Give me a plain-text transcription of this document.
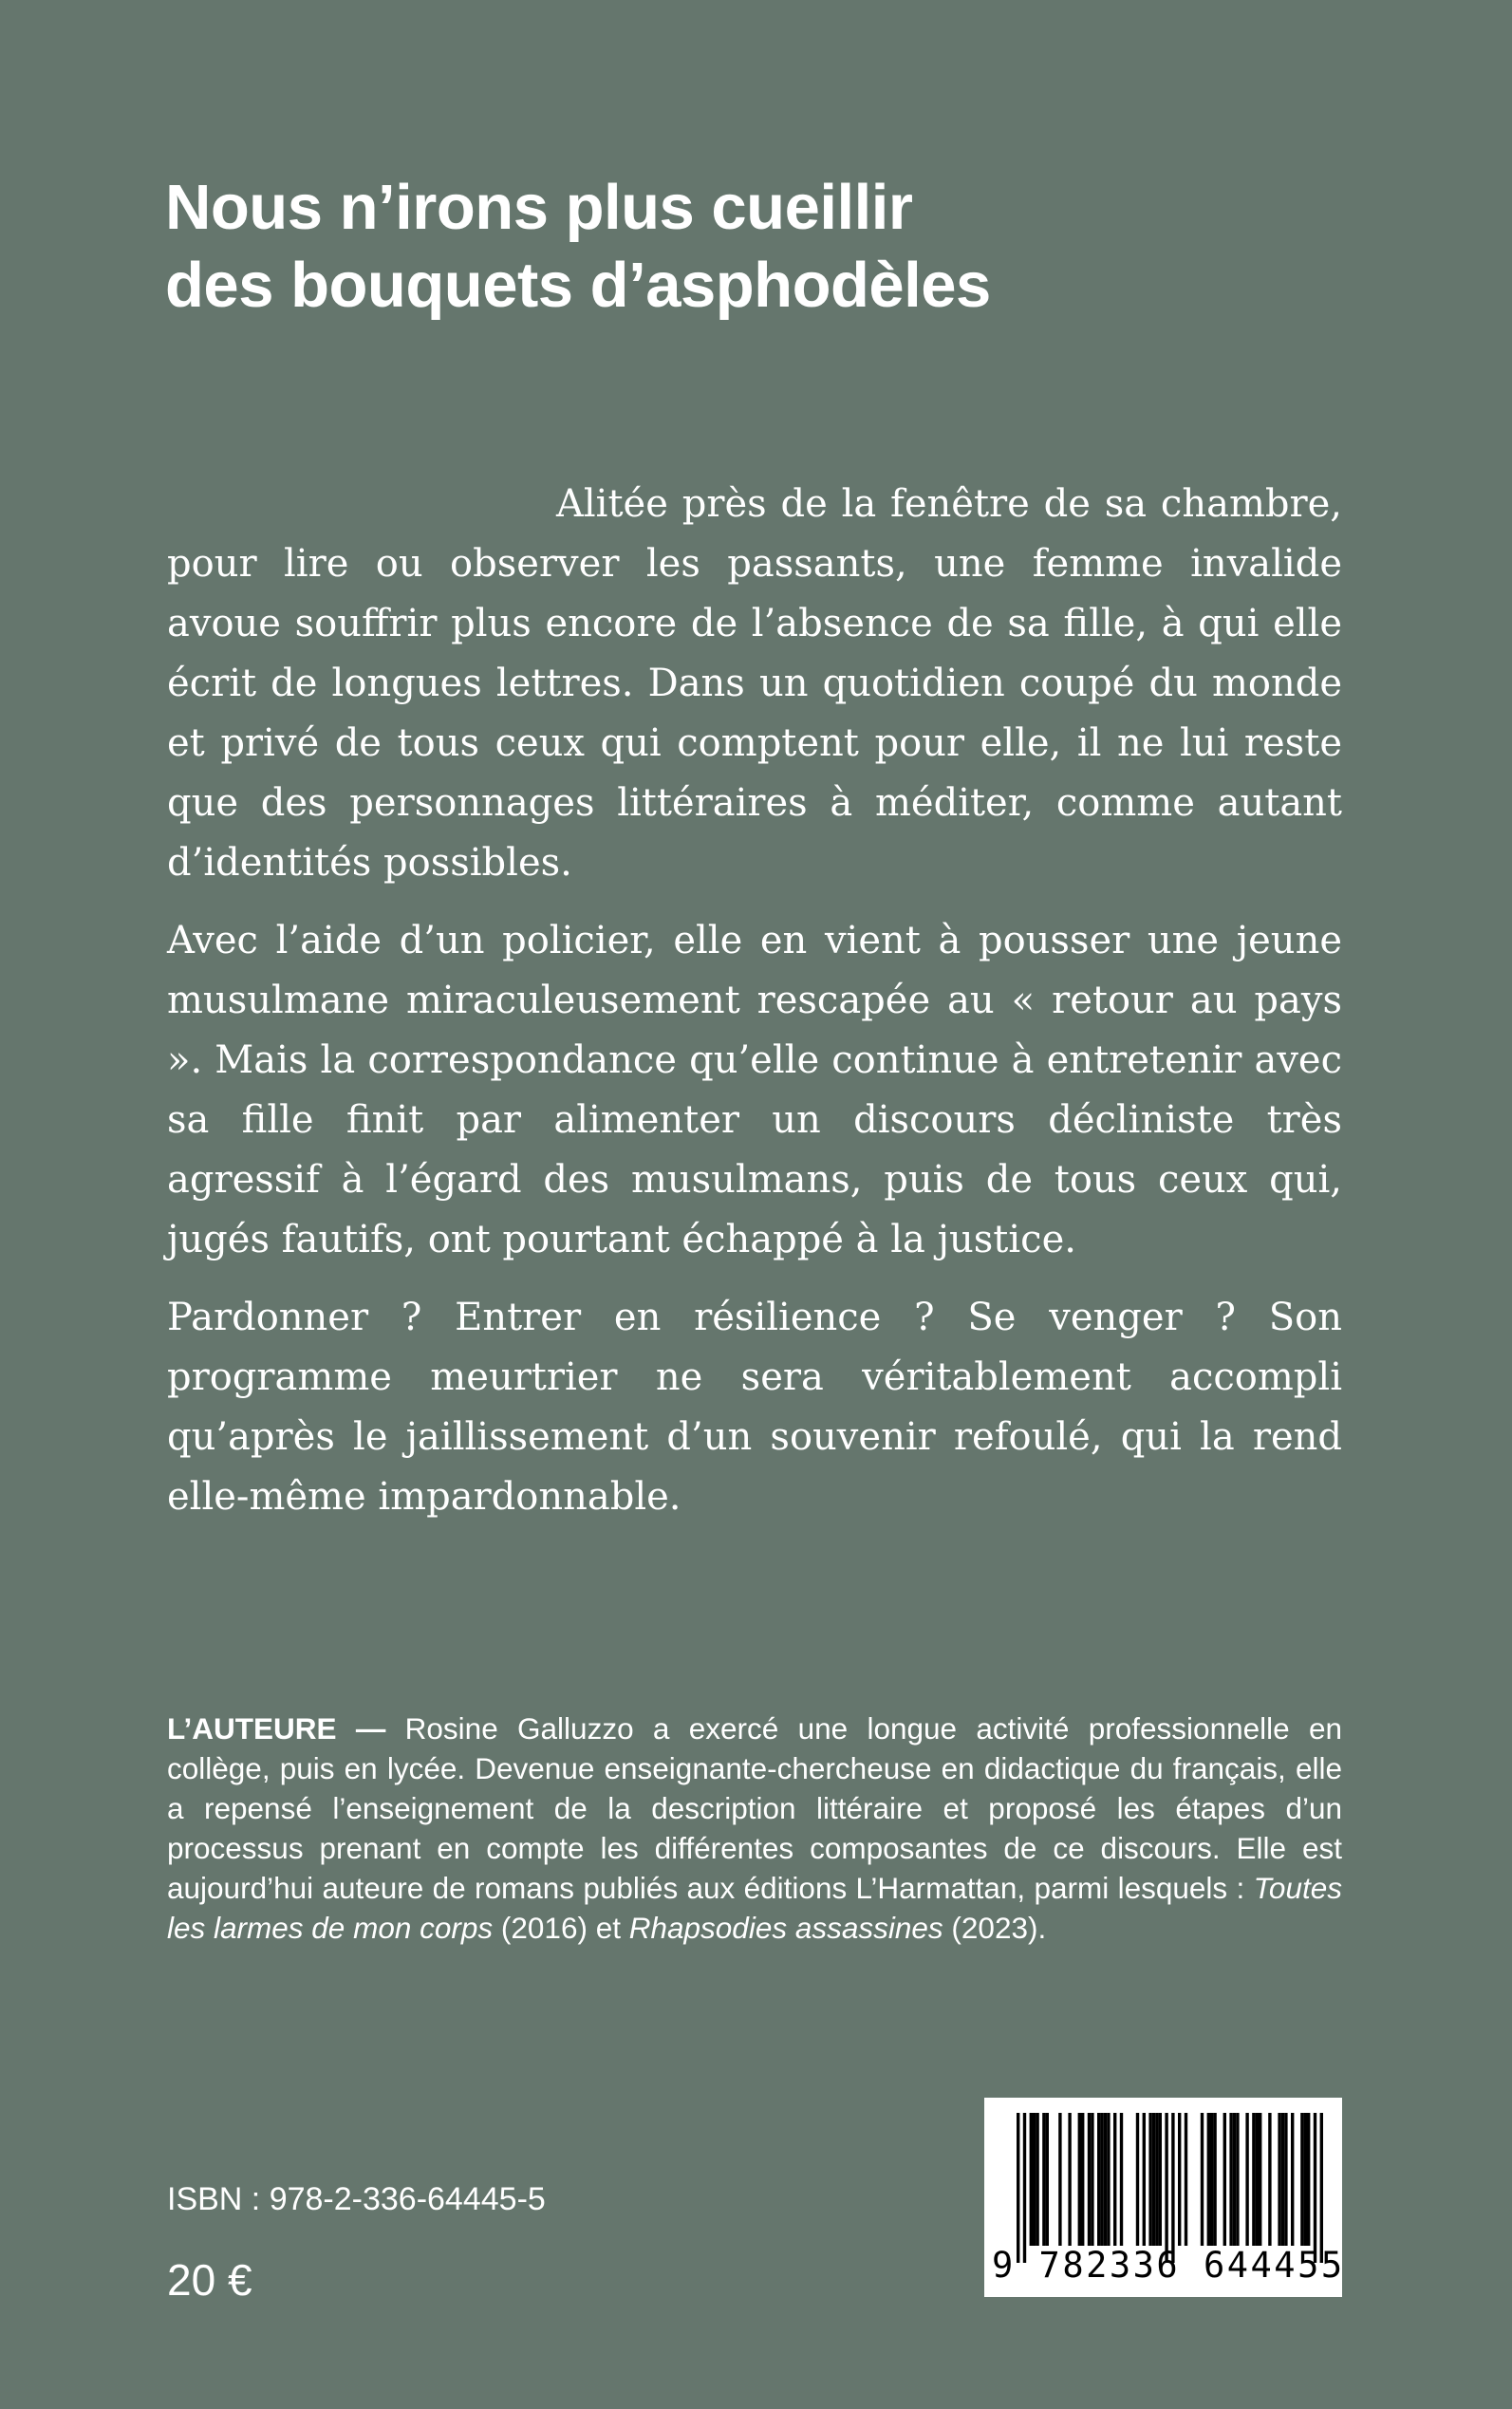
Nous n’irons plus cueillir
des bouquets d’asphodèles

Alitée près de la fenêtre de sa chambre, pour lire ou observer les passants, une femme invalide avoue souffrir plus encore de l’absence de sa fille, à qui elle écrit de longues lettres. Dans un quotidien coupé du monde et privé de tous ceux qui comptent pour elle, il ne lui reste que des personnages littéraires à méditer, comme autant d’identités possibles.

Avec l’aide d’un policier, elle en vient à pousser une jeune musulmane miraculeusement rescapée au « retour au pays ». Mais la correspondance qu’elle continue à entretenir avec sa fille finit par alimenter un discours décliniste très agressif à l’égard des musulmans, puis de tous ceux qui, jugés fautifs, ont pourtant échappé à la justice.

Pardonner ? Entrer en résilience ? Se venger ? Son programme meurtrier ne sera véritablement accompli qu’après le jaillissement d’un souvenir refoulé, qui la rend elle-même impardonnable.

L’AUTEURE — Rosine Galluzzo a exercé une longue activité professionnelle en collège, puis en lycée. Devenue enseignante-chercheuse en didactique du français, elle a repensé l’enseignement de la description littéraire et proposé les étapes d’un processus prenant en compte les différentes composantes de ce discours. Elle est aujourd’hui auteure de romans publiés aux éditions L’Harmattan, parmi lesquels : Toutes les larmes de mon corps (2016) et Rhapsodies assassines (2023).

ISBN : 978-2-336-64445-5
20 €	9 782336 644455
